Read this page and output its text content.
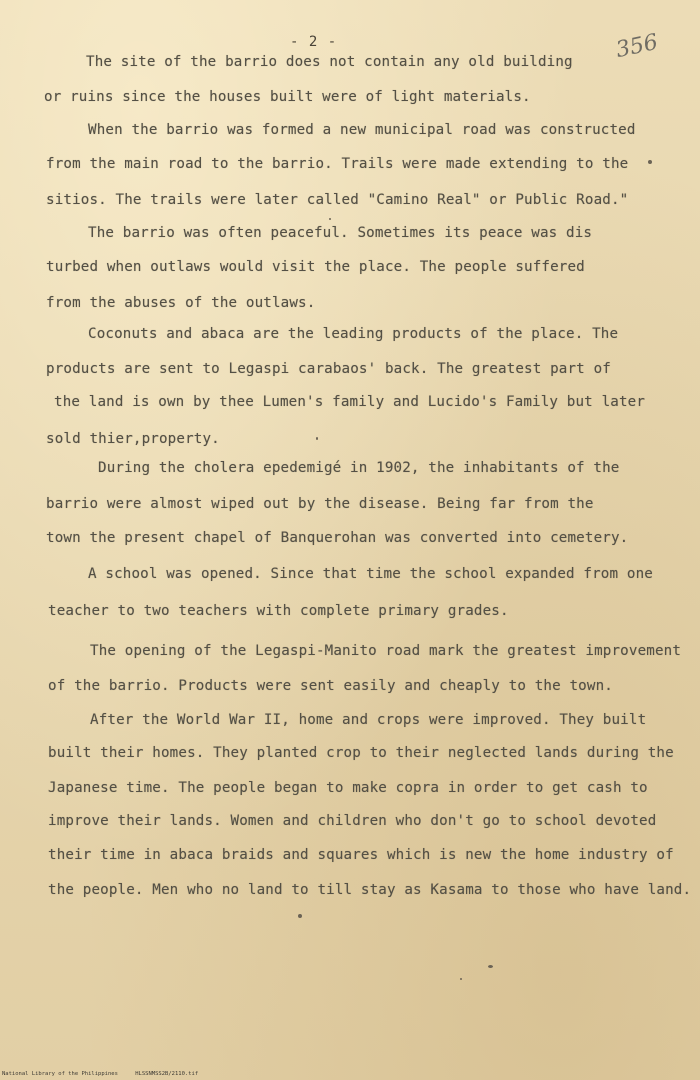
- 2 -	356
The site of the barrio does not contain any old building
or ruins since the houses built were of light materials.
When the barrio was formed a new municipal road was constructed
from the main road to the barrio. Trails were made extending to the
sitios. The trails were later called "Camino Real" or Public Road."
The barrio was often peaceful. Sometimes its peace was dis
turbed when outlaws would visit the place. The people suffered
from the abuses of the outlaws.
Coconuts and abaca are the leading products of the place. The
products are sent to Legaspi carabaos' back. The greatest part of
the land is own by thee Lumen's family and Lucido's Family but later
sold thier,property.
During the cholera epedemigé in 1902, the inhabitants of the
barrio were almost wiped out by the disease. Being far from the
town the present chapel of Banquerohan was converted into cemetery.
A school was opened. Since that time the school expanded from one
teacher to two teachers with complete primary grades.
The opening of the Legaspi-Manito road mark the greatest improvement
of the barrio. Products were sent easily and cheaply to the town.
After the World War II, home and crops were improved. They built
built their homes. They planted crop to their neglected lands during the
Japanese time. The people began to make copra in order to get cash to
improve their lands. Women and children who don't go to school devoted
their time in abaca braids and squares which is new the home industry of
the people. Men who no land to till stay as Kasama to those who have land.
National Library of the Philippines	HLSSNMSS2B/2110.tif
